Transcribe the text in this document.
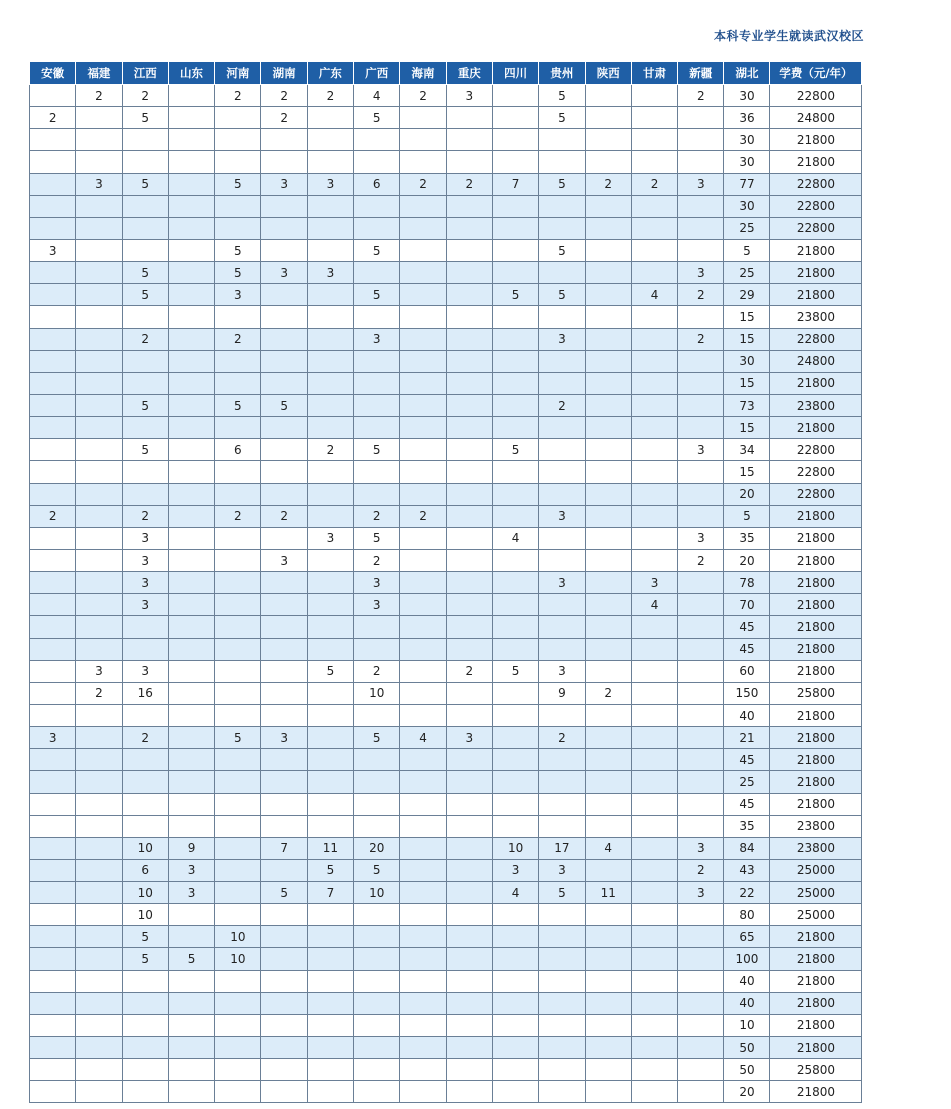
本科专业学生就读武汉校区
安徽	福建	江西	山东	河南	湖南	广东	广西	海南	重庆	四川	贵州	陕西	甘肃	新疆	湖北	学费（元/年）
	2	2		2	2	2	4	2	3		5			2	30	22800
2		5			2		5				5				36	24800
															30	21800
															30	21800
	3	5		5	3	3	6	2	2	7	5	2	2	3	77	22800
															30	22800
															25	22800
3				5			5				5				5	21800
		5		5	3	3								3	25	21800
		5		3			5			5	5		4	2	29	21800
															15	23800
		2		2			3				3			2	15	22800
															30	24800
															15	21800
		5		5	5						2				73	23800
															15	21800
		5		6		2	5			5				3	34	22800
															15	22800
															20	22800
2		2		2	2		2	2			3				5	21800
		3				3	5			4				3	35	21800
		3			3		2							2	20	21800
		3					3				3		3		78	21800
		3					3						4		70	21800
															45	21800
															45	21800
	3	3				5	2		2	5	3				60	21800
	2	16					10				9	2			150	25800
															40	21800
3		2		5	3		5	4	3		2				21	21800
															45	21800
															25	21800
															45	21800
															35	23800
		10	9		7	11	20			10	17	4		3	84	23800
		6	3			5	5			3	3			2	43	25000
		10	3		5	7	10			4	5	11		3	22	25000
		10													80	25000
		5		10											65	21800
		5	5	10											100	21800
															40	21800
															40	21800
															10	21800
															50	21800
															50	25800
															20	21800
